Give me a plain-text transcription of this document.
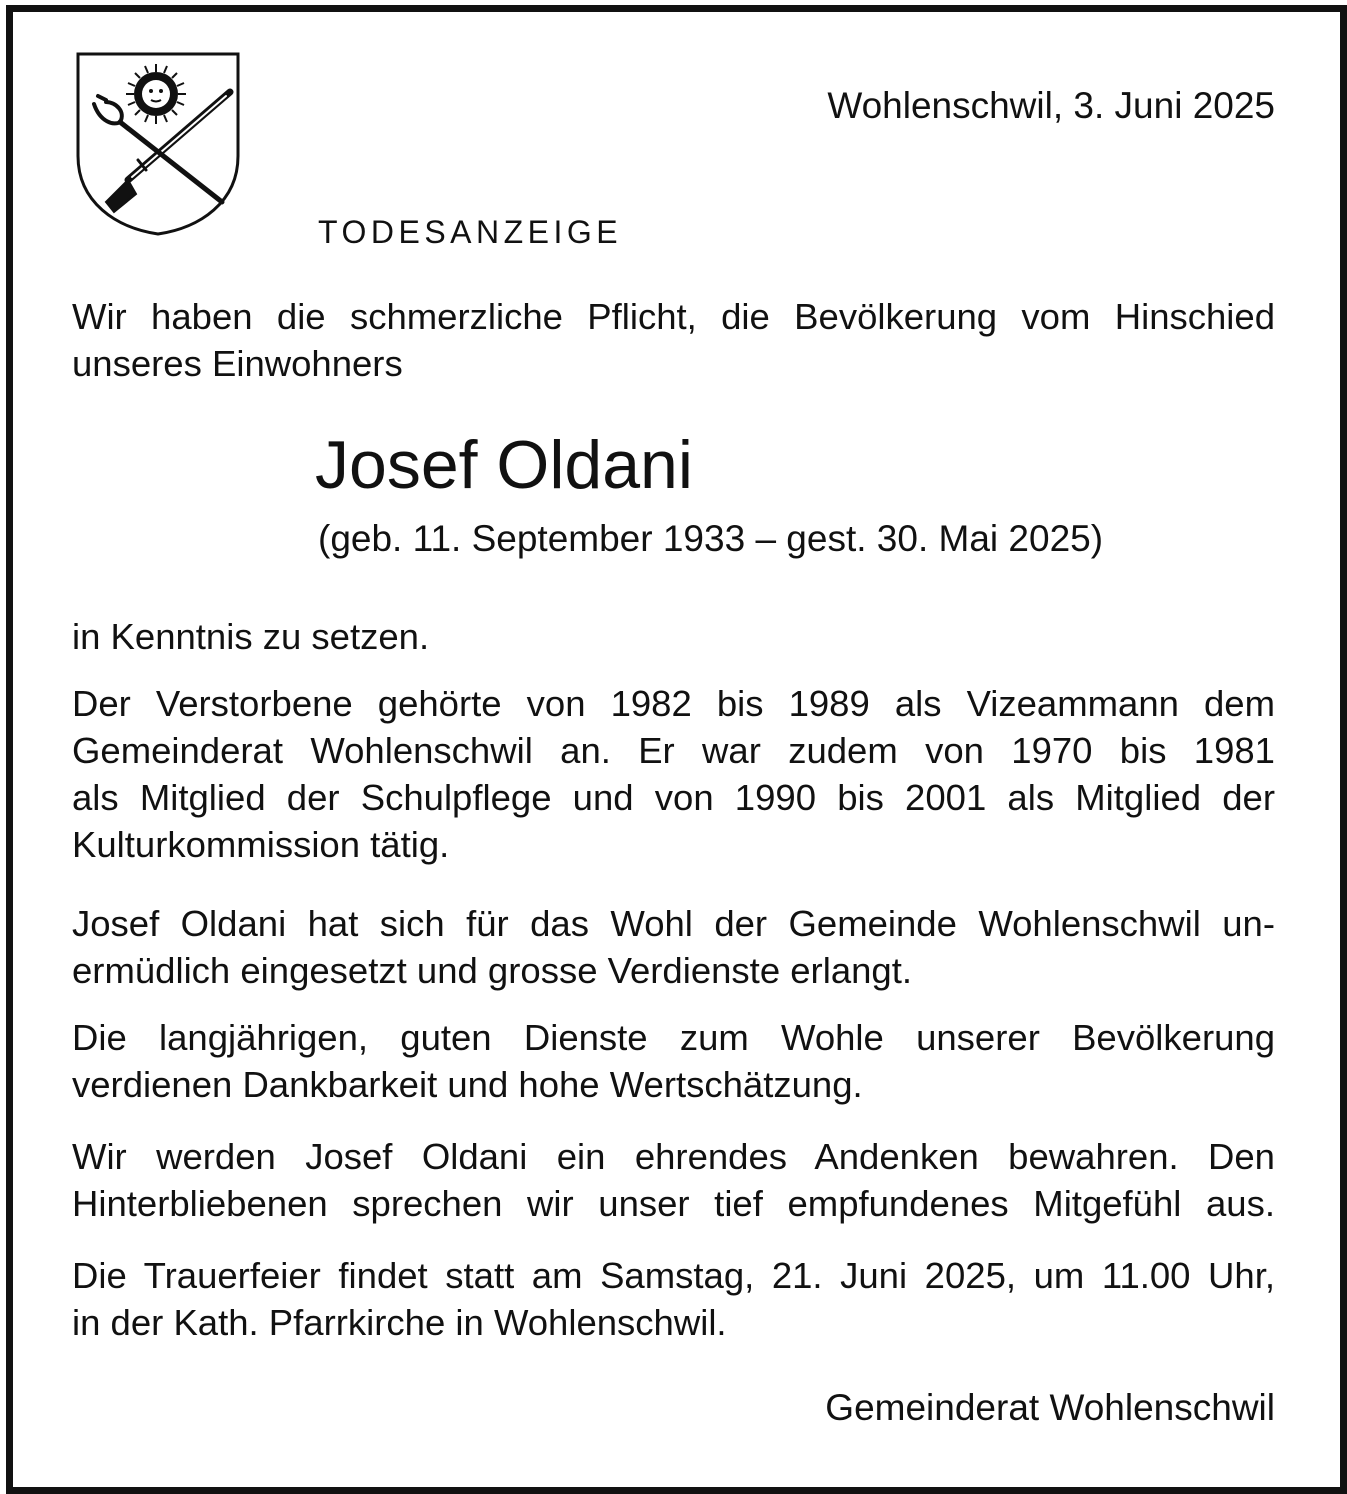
Wohlenschwil, 3. Juni 2025
TODESANZEIGE
Wir haben die schmerzliche Pflicht, die Bevölkerung vom Hinschied
unseres Einwohners
Josef Oldani
(geb. 11. September 1933 – gest. 30. Mai 2025)
in Kenntnis zu setzen.
Der Verstorbene gehörte von 1982 bis 1989 als Vizeammann dem
Gemeinderat Wohlenschwil an. Er war zudem von 1970 bis 1981
als Mitglied der Schulpflege und von 1990 bis 2001 als Mitglied der
Kulturkommission tätig.
Josef Oldani hat sich für das Wohl der Gemeinde Wohlenschwil un-
ermüdlich eingesetzt und grosse Verdienste erlangt.
Die langjährigen, guten Dienste zum Wohle unserer Bevölkerung
verdienen Dankbarkeit und hohe Wertschätzung.
Wir werden Josef Oldani ein ehrendes Andenken bewahren. Den
Hinterbliebenen sprechen wir unser tief empfundenes Mitgefühl aus.
Die Trauerfeier findet statt am Samstag, 21. Juni 2025, um 11.00 Uhr,
in der Kath. Pfarrkirche in Wohlenschwil.
Gemeinderat Wohlenschwil
